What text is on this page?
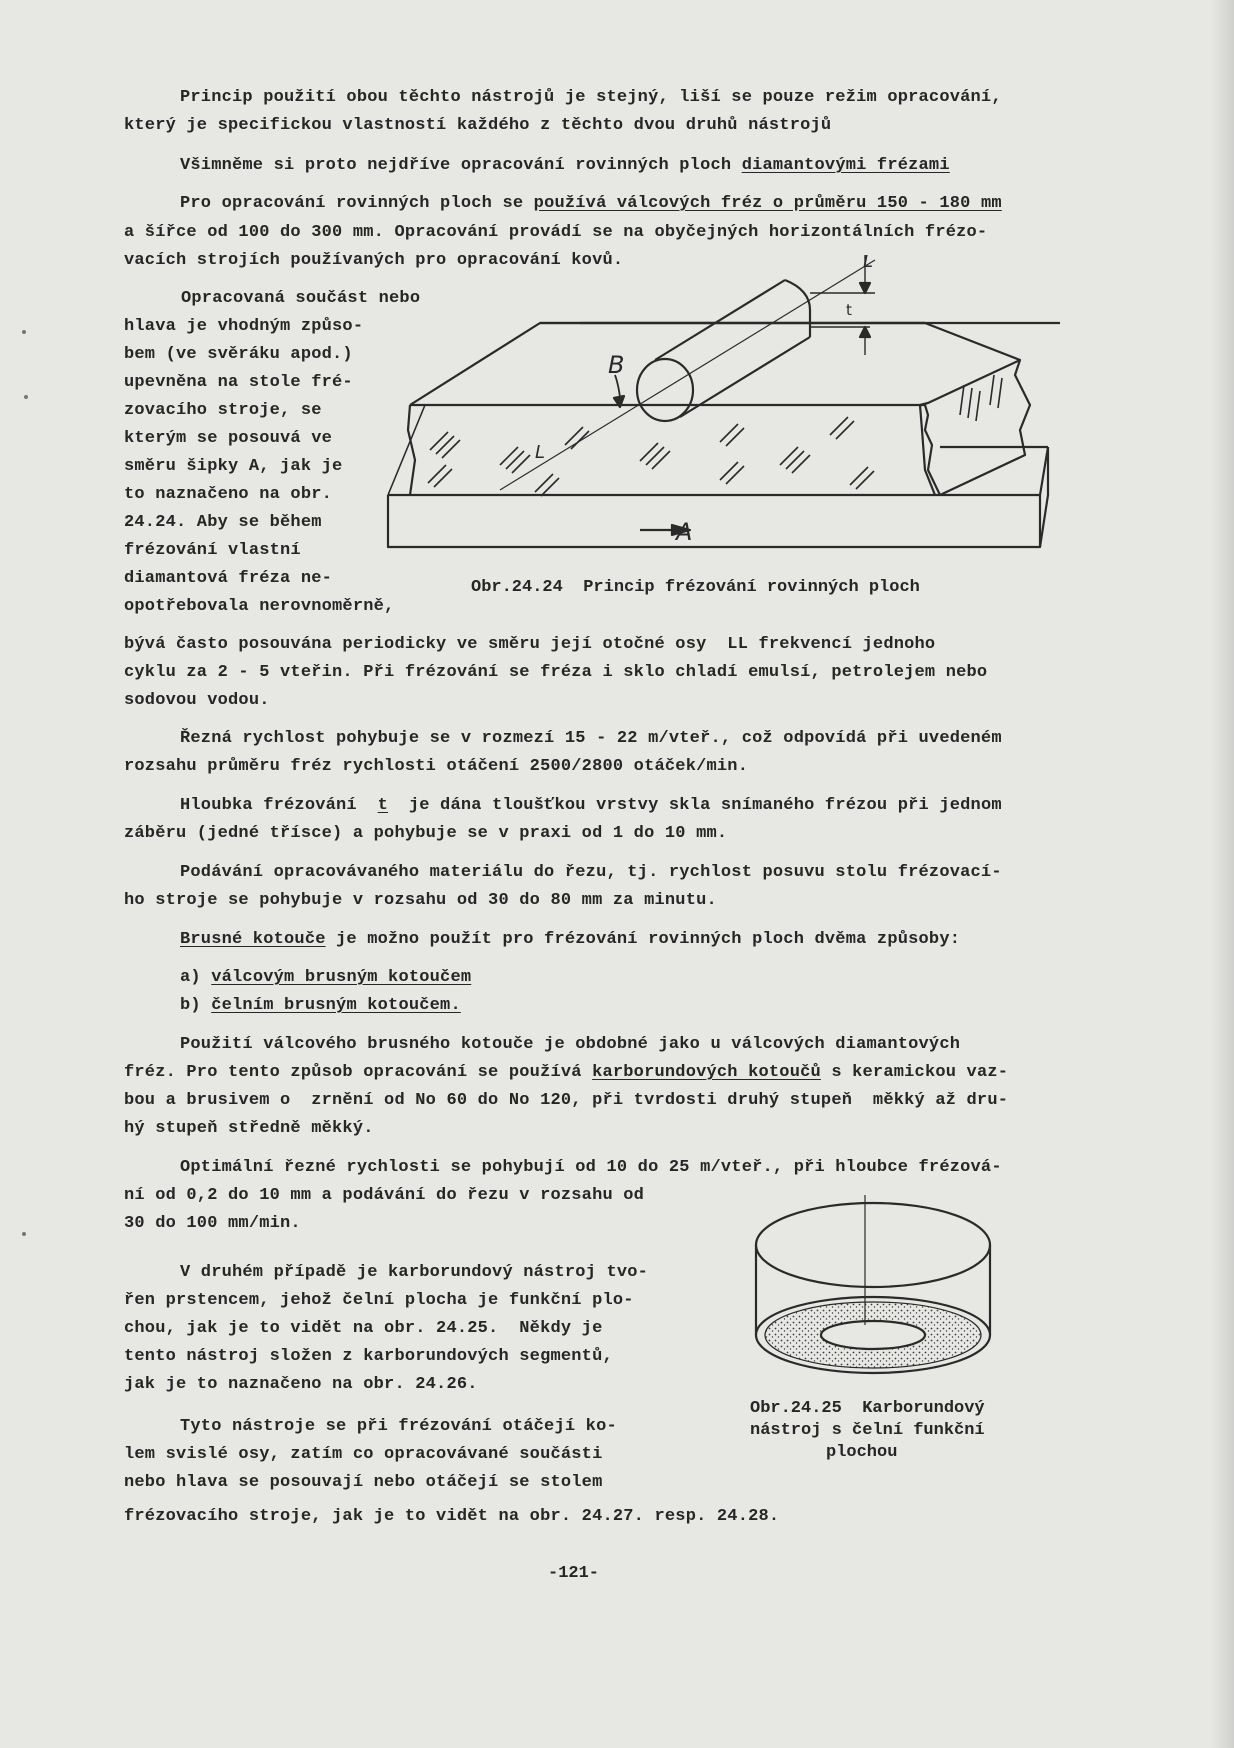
Princip použití obou těchto nástrojů je stejný, liší se pouze režim opracování,
který je specifickou vlastností každého z těchto dvou druhů nástrojů
Všimněme si proto nejdříve opracování rovinných ploch diamantovými frézami
Pro opracování rovinných ploch se používá válcových fréz o průměru 150 - 180 mm
a šířce od 100 do 300 mm. Opracování provádí se na obyčejných horizontálních frézo-
vacích strojích používaných pro opracování kovů.
Opracovaná součást nebo
hlava je vhodným způso-
bem (ve svěráku apod.)
upevněna na stole fré-
zovacího stroje, se
kterým se posouvá ve
směru šipky A, jak je
to naznačeno na obr.
24.24. Aby se během
frézování vlastní
diamantová fréza ne-
opotřebovala nerovnoměrně,
A
B
L
L
t
Obr.24.24  Princip frézování rovinných ploch
bývá často posouvána periodicky ve směru její otočné osy  LL frekvencí jednoho
cyklu za 2 - 5 vteřin. Při frézování se fréza i sklo chladí emulsí, petrolejem nebo
sodovou vodou.
Řezná rychlost pohybuje se v rozmezí 15 - 22 m/vteř., což odpovídá při uvedeném
rozsahu průměru fréz rychlosti otáčení 2500/2800 otáček/min.
Hloubka frézování  t  je dána tloušťkou vrstvy skla snímaného frézou při jednom
záběru (jedné třísce) a pohybuje se v praxi od 1 do 10 mm.
Podávání opracovávaného materiálu do řezu, tj. rychlost posuvu stolu frézovací-
ho stroje se pohybuje v rozsahu od 30 do 80 mm za minutu.
Brusné kotouče je možno použít pro frézování rovinných ploch dvěma způsoby:
a) válcovým brusným kotoučem
b) čelním brusným kotoučem.
Použití válcového brusného kotouče je obdobné jako u válcových diamantových
fréz. Pro tento způsob opracování se používá karborundových kotoučů s keramickou vaz-
bou a brusivem o  zrnění od No 60 do No 120, při tvrdosti druhý stupeň  měkký až dru-
hý stupeň středně měkký.
Optimální řezné rychlosti se pohybují od 10 do 25 m/vteř., při hloubce frézová-
ní od 0,2 do 10 mm a podávání do řezu v rozsahu od
30 do 100 mm/min.
V druhém případě je karborundový nástroj tvo-
řen prstencem, jehož čelní plocha je funkční plo-
chou, jak je to vidět na obr. 24.25.  Někdy je
tento nástroj složen z karborundových segmentů,
jak je to naznačeno na obr. 24.26.
Tyto nástroje se při frézování otáčejí ko-
lem svislé osy, zatím co opracovávané součásti
nebo hlava se posouvají nebo otáčejí se stolem
frézovacího stroje, jak je to vidět na obr. 24.27. resp. 24.28.
Obr.24.25  Karborundový
nástroj s čelní funkční
plochou
-121-
